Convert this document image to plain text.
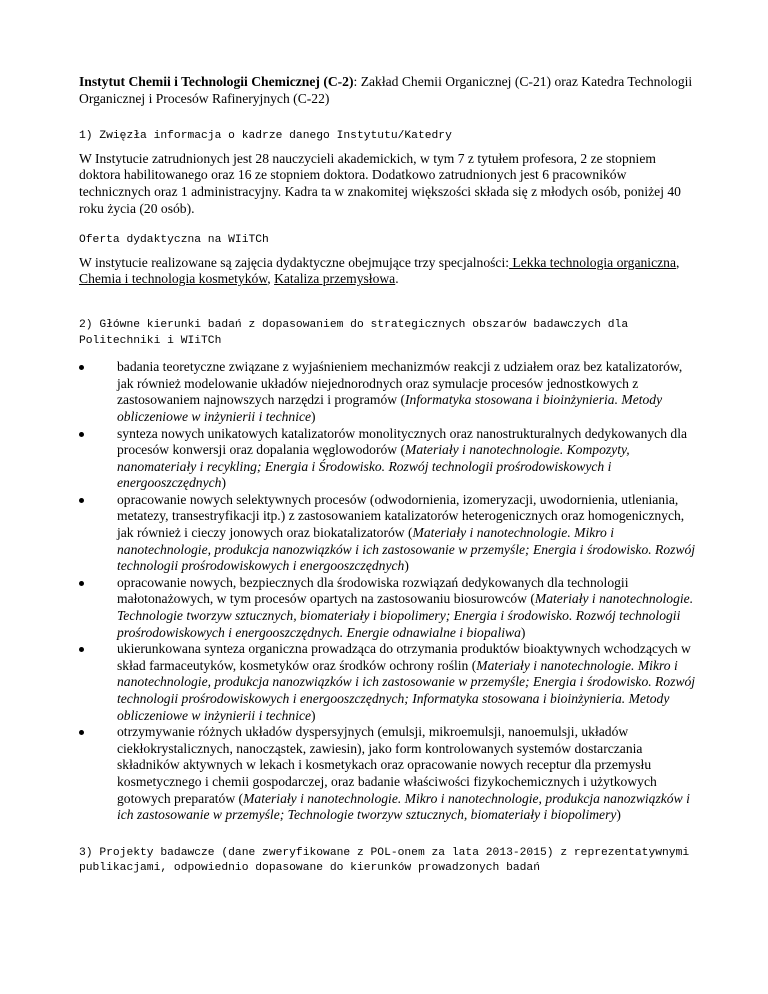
Instytut Chemii i Technologii Chemicznej (C-2): Zakład Chemii Organicznej (C-21) oraz Katedra Technologii Organicznej i Procesów Rafineryjnych (C-22)

1) Zwięzła informacja o kadrze danego Instytutu/Katedry

W Instytucie zatrudnionych jest 28 nauczycieli akademickich, w tym 7 z tytułem profesora, 2 ze stopniem doktora habilitowanego oraz 16 ze stopniem doktora. Dodatkowo zatrudnionych jest 6 pracowników technicznych oraz 1 administracyjny. Kadra ta w znakomitej większości składa się z młodych osób, poniżej 40 roku życia (20 osób).

Oferta dydaktyczna na WIiTCh

W instytucie realizowane są zajęcia dydaktyczne obejmujące trzy specjalności: Lekka technologia organiczna, Chemia i technologia kosmetyków, Kataliza przemysłowa.

2) Główne kierunki badań z dopasowaniem do strategicznych obszarów badawczych dla Politechniki i WIiTCh

badania teoretyczne związane z wyjaśnieniem mechanizmów reakcji z udziałem oraz bez katalizatorów, jak również modelowanie układów niejednorodnych oraz symulacje procesów jednostkowych z zastosowaniem najnowszych narzędzi i programów (Informatyka stosowana i bioinżynieria. Metody obliczeniowe w inżynierii i technice)
synteza nowych unikatowych katalizatorów monolitycznych oraz nanostrukturalnych dedykowanych dla procesów konwersji oraz dopalania węglowodorów (Materiały i nanotechnologie. Kompozyty, nanomateriały i recykling; Energia i Środowisko. Rozwój technologii prośrodowiskowych i energooszczędnych)
opracowanie nowych selektywnych procesów (odwodornienia, izomeryzacji, uwodornienia, utleniania, metatezy, transestryfikacji itp.) z zastosowaniem katalizatorów heterogenicznych oraz homogenicznych, jak również i cieczy jonowych oraz biokatalizatorów (Materiały i nanotechnologie. Mikro i nanotechnologie, produkcja nanozwiązków i ich zastosowanie w przemyśle; Energia i środowisko. Rozwój technologii prośrodowiskowych i energooszczędnych)
opracowanie nowych, bezpiecznych dla środowiska rozwiązań dedykowanych dla technologii małotonażowych, w tym procesów opartych na zastosowaniu biosurowców (Materiały i nanotechnologie. Technologie tworzyw sztucznych, biomateriały i biopolimery; Energia i środowisko. Rozwój technologii prośrodowiskowych i energooszczędnych. Energie odnawialne i biopaliwa)
ukierunkowana synteza organiczna prowadząca do otrzymania produktów bioaktywnych wchodzących w skład farmaceutyków, kosmetyków oraz środków ochrony roślin (Materiały i nanotechnologie. Mikro i nanotechnologie, produkcja nanozwiązków i ich zastosowanie w przemyśle; Energia i środowisko. Rozwój technologii prośrodowiskowych i energooszczędnych; Informatyka stosowana i bioinżynieria. Metody obliczeniowe w inżynierii i technice)
otrzymywanie różnych układów dyspersyjnych (emulsji, mikroemulsji, nanoemulsji, układów ciekłokrystalicznych, nanocząstek, zawiesin), jako form kontrolowanych systemów dostarczania składników aktywnych w lekach i kosmetykach oraz opracowanie nowych receptur dla przemysłu kosmetycznego i chemii gospodarczej, oraz badanie właściwości fizykochemicznych i użytkowych gotowych preparatów (Materiały i nanotechnologie. Mikro i nanotechnologie, produkcja nanozwiązków i ich zastosowanie w przemyśle; Technologie tworzyw sztucznych, biomateriały i biopolimery)

3) Projekty badawcze (dane zweryfikowane z POL-onem za lata 2013-2015) z reprezentatywnymi publikacjami, odpowiednio dopasowane do kierunków prowadzonych badań
